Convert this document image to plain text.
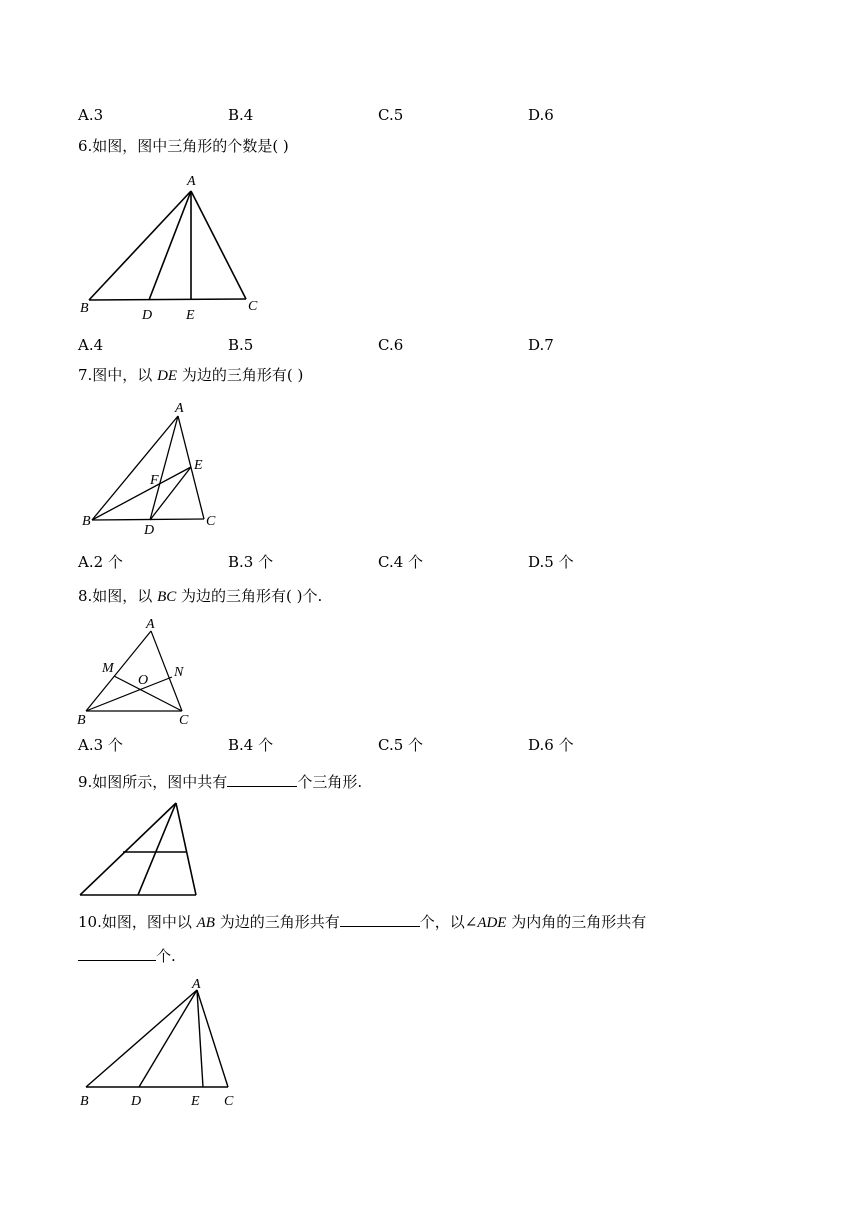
A.3	B.4	C.5	D.6
6.如图，图中三角形的个数是( )
A
B	C
D E
A.4	B.5	C.6	D.7
7.图中，以 DE 为边的三角形有( )
A
B	C
D
E
F
A.2 个	B.3 个	C.4 个	D.5 个
8.如图，以 BC 为边的三角形有( )个.
A
B	C
M	N
O
A.3 个	B.4 个	C.5 个	D.6 个
9.如图所示，图中共有	个三角形.
10.如图，图中以 AB 为边的三角形共有	个，以∠ADE 为内角的三角形共有
个.
A
B	C
D	E
